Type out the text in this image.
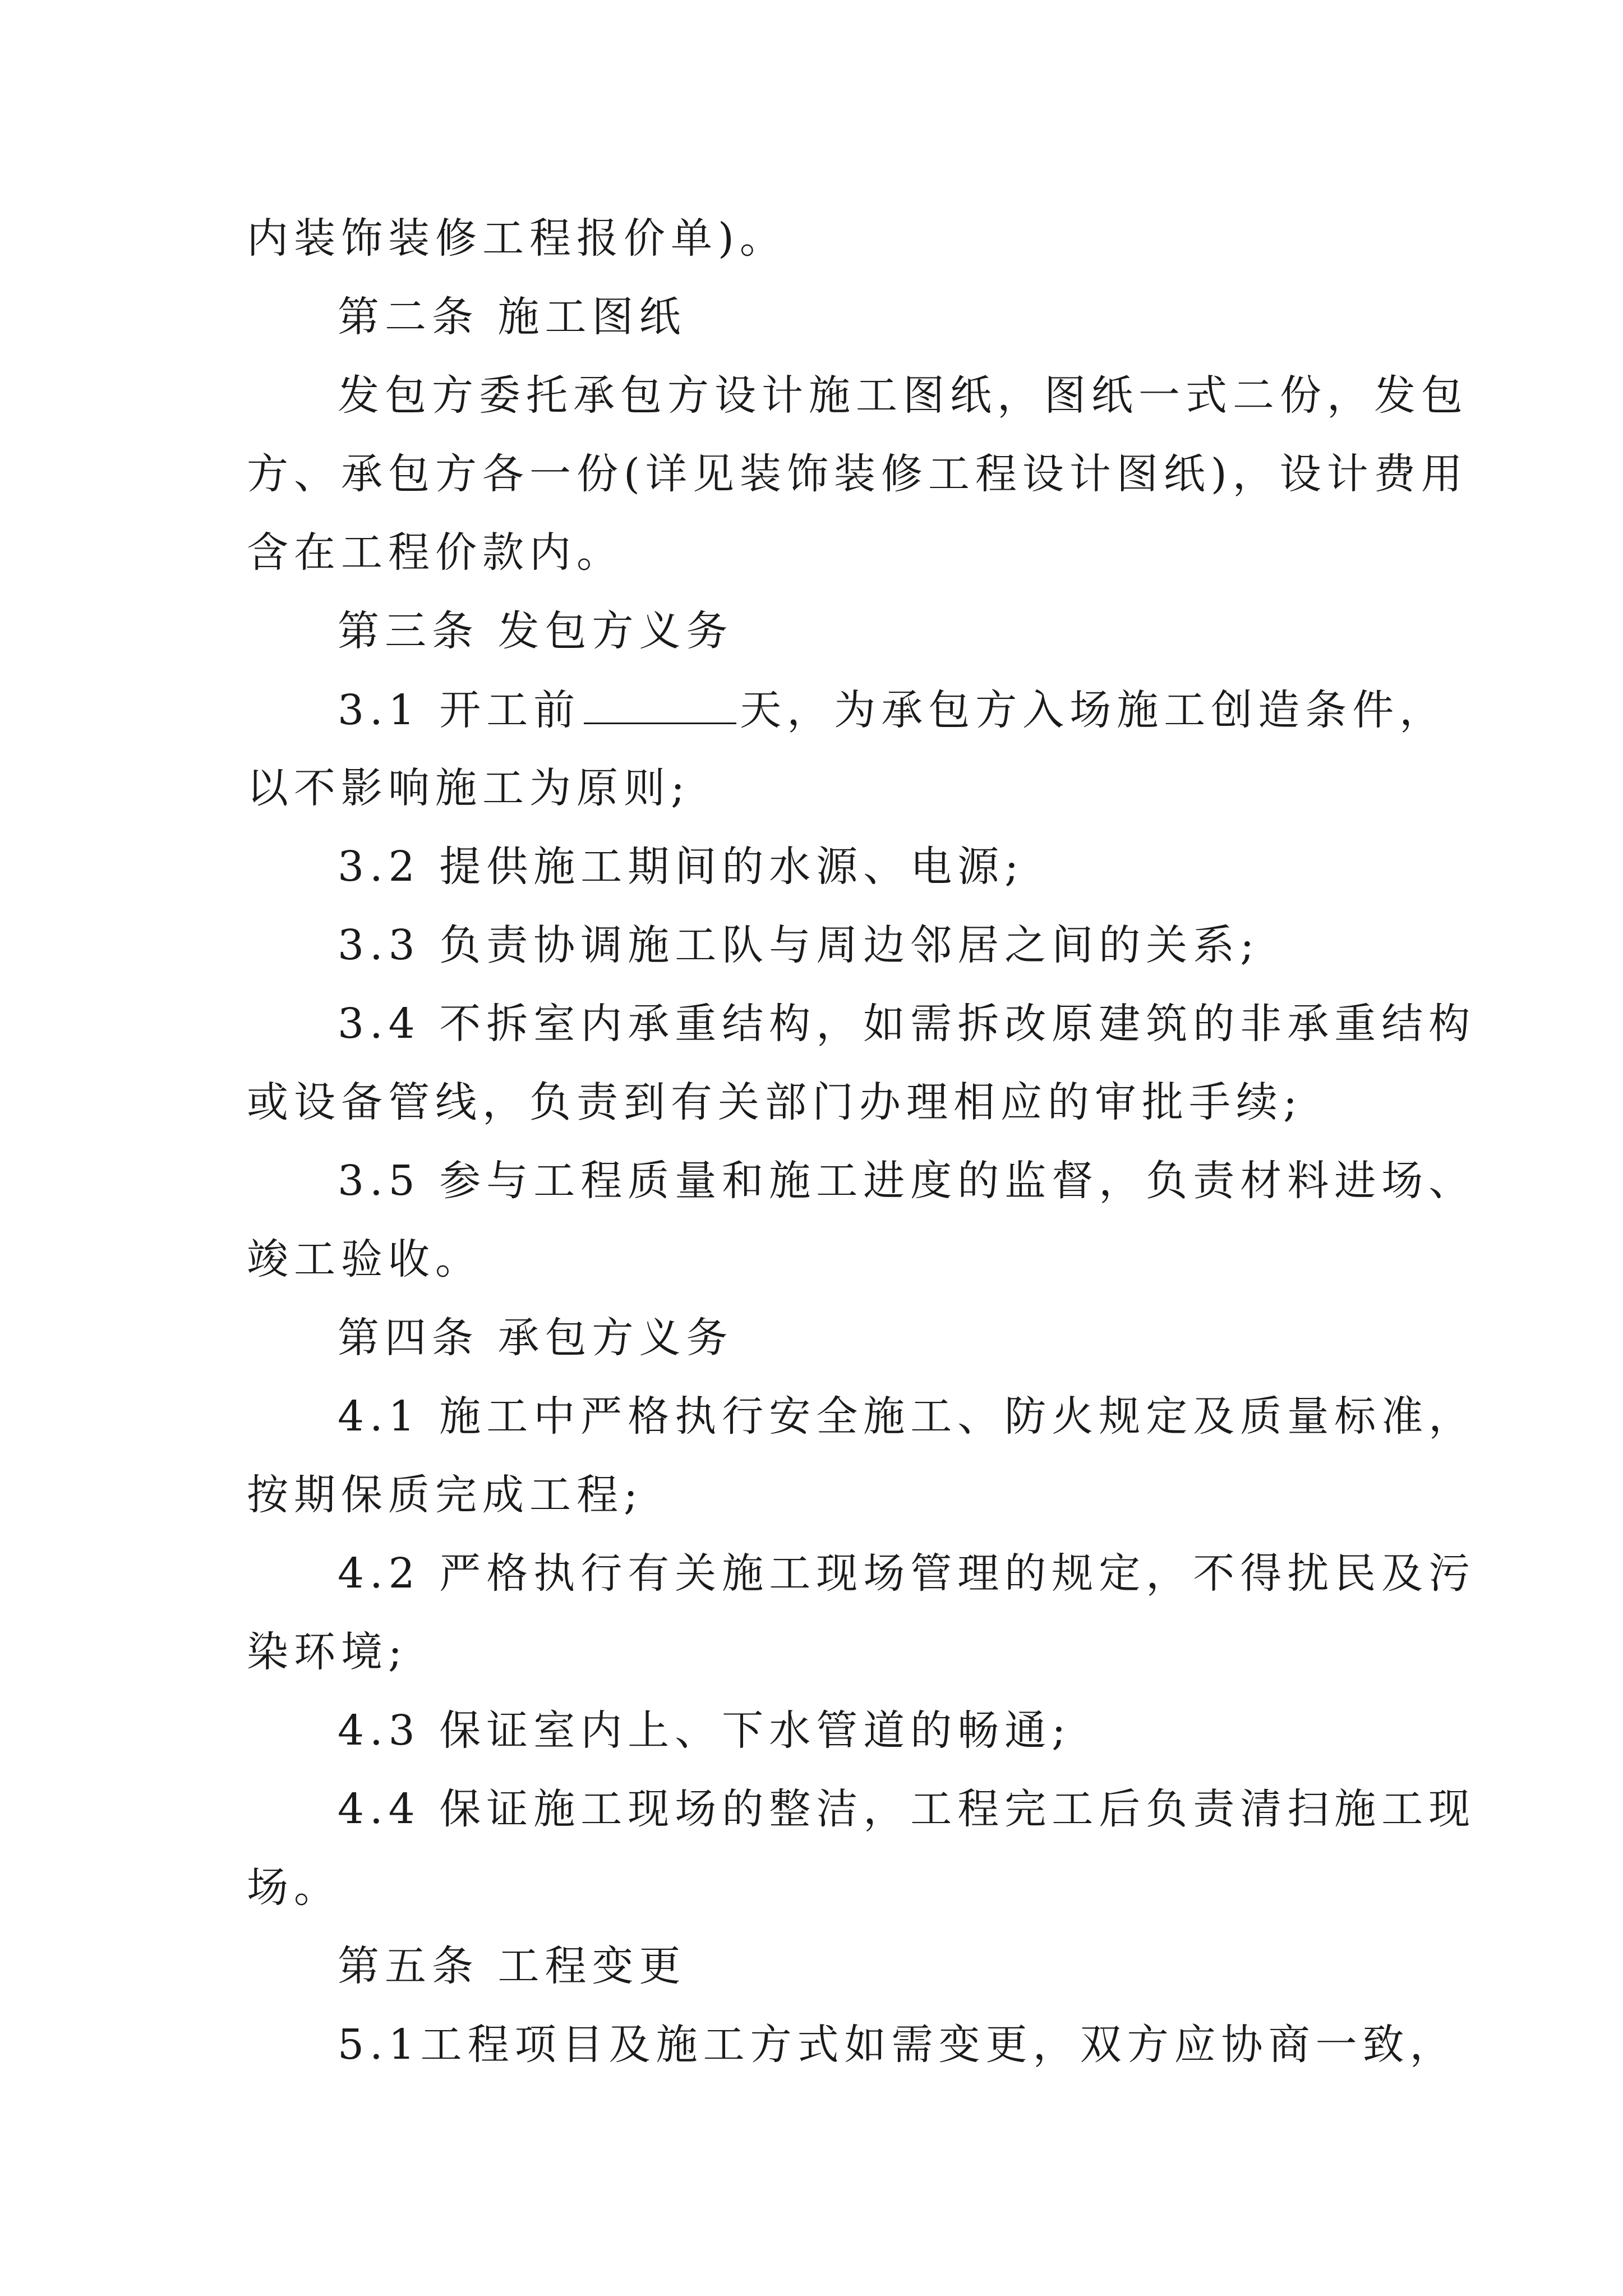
内装饰装修工程报价单)。
第二条 施工图纸
发包方委托承包方设计施工图纸，图纸一式二份，发包
方、承包方各一份(详见装饰装修工程设计图纸)，设计费用
含在工程价款内。
第三条 发包方义务
3.1 开工前	天，为承包方入场施工创造条件，
以不影响施工为原则;
3.2 提供施工期间的水源、电源;
3.3 负责协调施工队与周边邻居之间的关系;
3.4 不拆室内承重结构，如需拆改原建筑的非承重结构
或设备管线，负责到有关部门办理相应的审批手续;
3.5 参与工程质量和施工进度的监督，负责材料进场、
竣工验收。
第四条 承包方义务
4.1 施工中严格执行安全施工、防火规定及质量标准，
按期保质完成工程;
4.2 严格执行有关施工现场管理的规定，不得扰民及污
染环境;
4.3 保证室内上、下水管道的畅通;
4.4 保证施工现场的整洁，工程完工后负责清扫施工现
场。
第五条 工程变更
5.1工程项目及施工方式如需变更，双方应协商一致，
